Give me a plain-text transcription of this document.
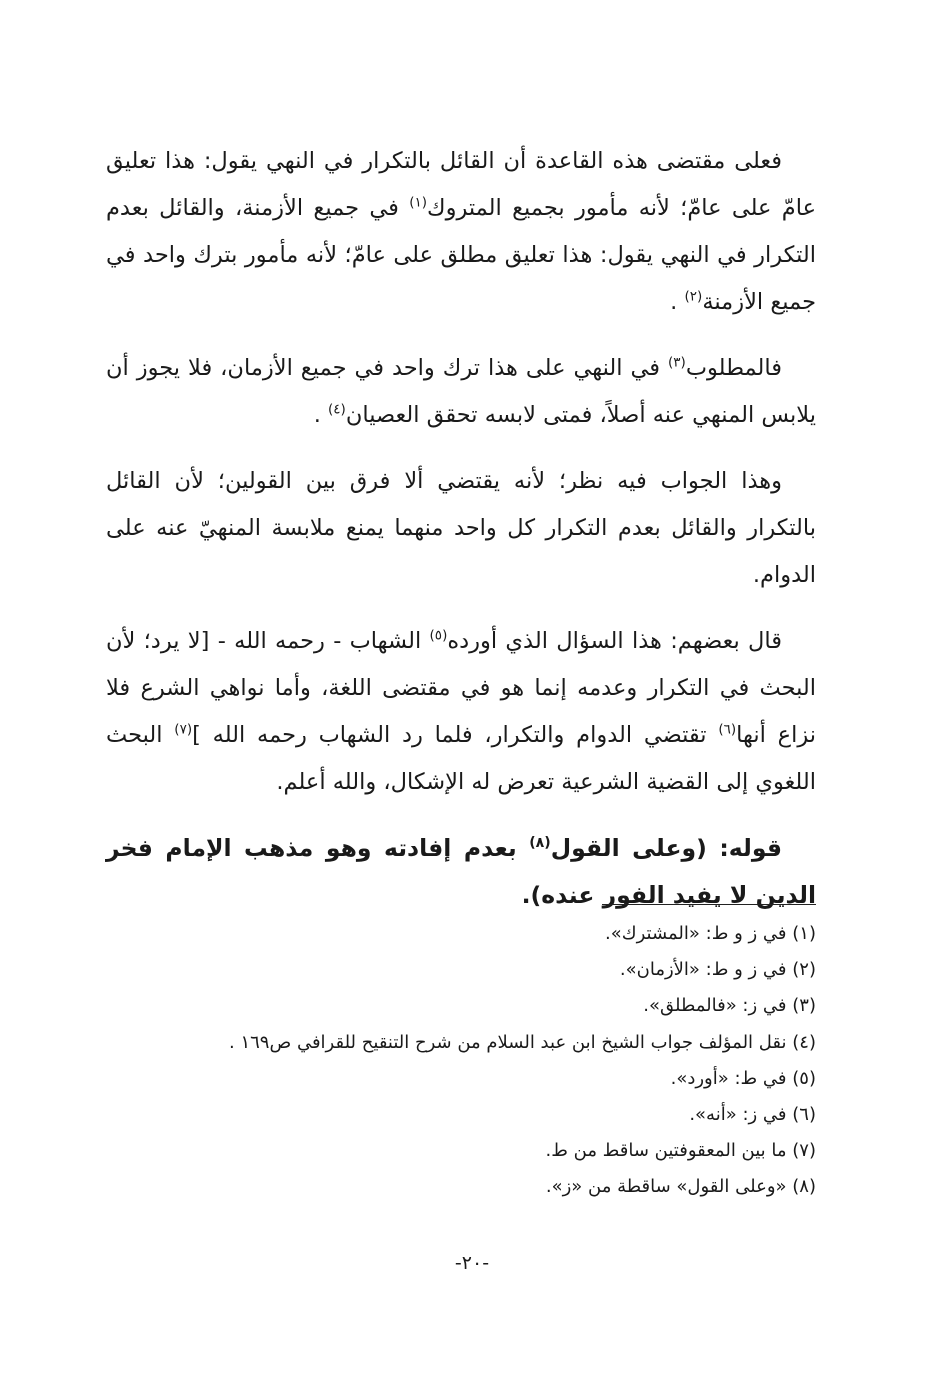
فعلى مقتضى هذه القاعدة أن القائل بالتكرار في النهي يقول: هذا تعليق عامّ على عامّ؛ لأنه مأمور بجميع المتروك$^{(١)}$ في جميع الأزمنة، والقائل بعدم التكرار في النهي يقول: هذا تعليق مطلق على عامّ؛ لأنه مأمور بترك واحد في جميع الأزمنة$^{(٢)}$ .

فالمطلوب$^{(٣)}$ في النهي على هذا ترك واحد في جميع الأزمان، فلا يجوز أن يلابس المنهي عنه أصلاً، فمتى لابسه تحقق العصيان$^{(٤)}$ .

وهذا الجواب فيه نظر؛ لأنه يقتضي ألا فرق بين القولين؛ لأن القائل بالتكرار والقائل بعدم التكرار كل واحد منهما يمنع ملابسة المنهيّ عنه على الدوام.

قال بعضهم: هذا السؤال الذي أورده$^{(٥)}$ الشهاب - رحمه الله - [لا يرد؛ لأن البحث في التكرار وعدمه إنما هو في مقتضى اللغة، وأما نواهي الشرع فلا نزاع أنها$^{(٦)}$ تقتضي الدوام والتكرار، فلما رد الشهاب رحمه الله ]$^{(٧)}$ البحث اللغوي إلى القضية الشرعية تعرض له الإشكال، والله أعلم.

قوله: (وعلى القول$^{(٨)}$ بعدم إفادته وهو مذهب الإمام فخر الدين لا يفيد الفور عنده).

(١) في ز و ط: «المشترك».
(٢) في ز و ط: «الأزمان».
(٣) في ز: «فالمطلق».
(٤) نقل المؤلف جواب الشيخ ابن عبد السلام من شرح التنقيح للقرافي ص١٦٩ .
(٥) في ط: «أورد».
(٦) في ز: «أنه».
(٧) ما بين المعقوفتين ساقط من ط.
(٨) «وعلى القول» ساقطة من «ز».
-٢٠-
